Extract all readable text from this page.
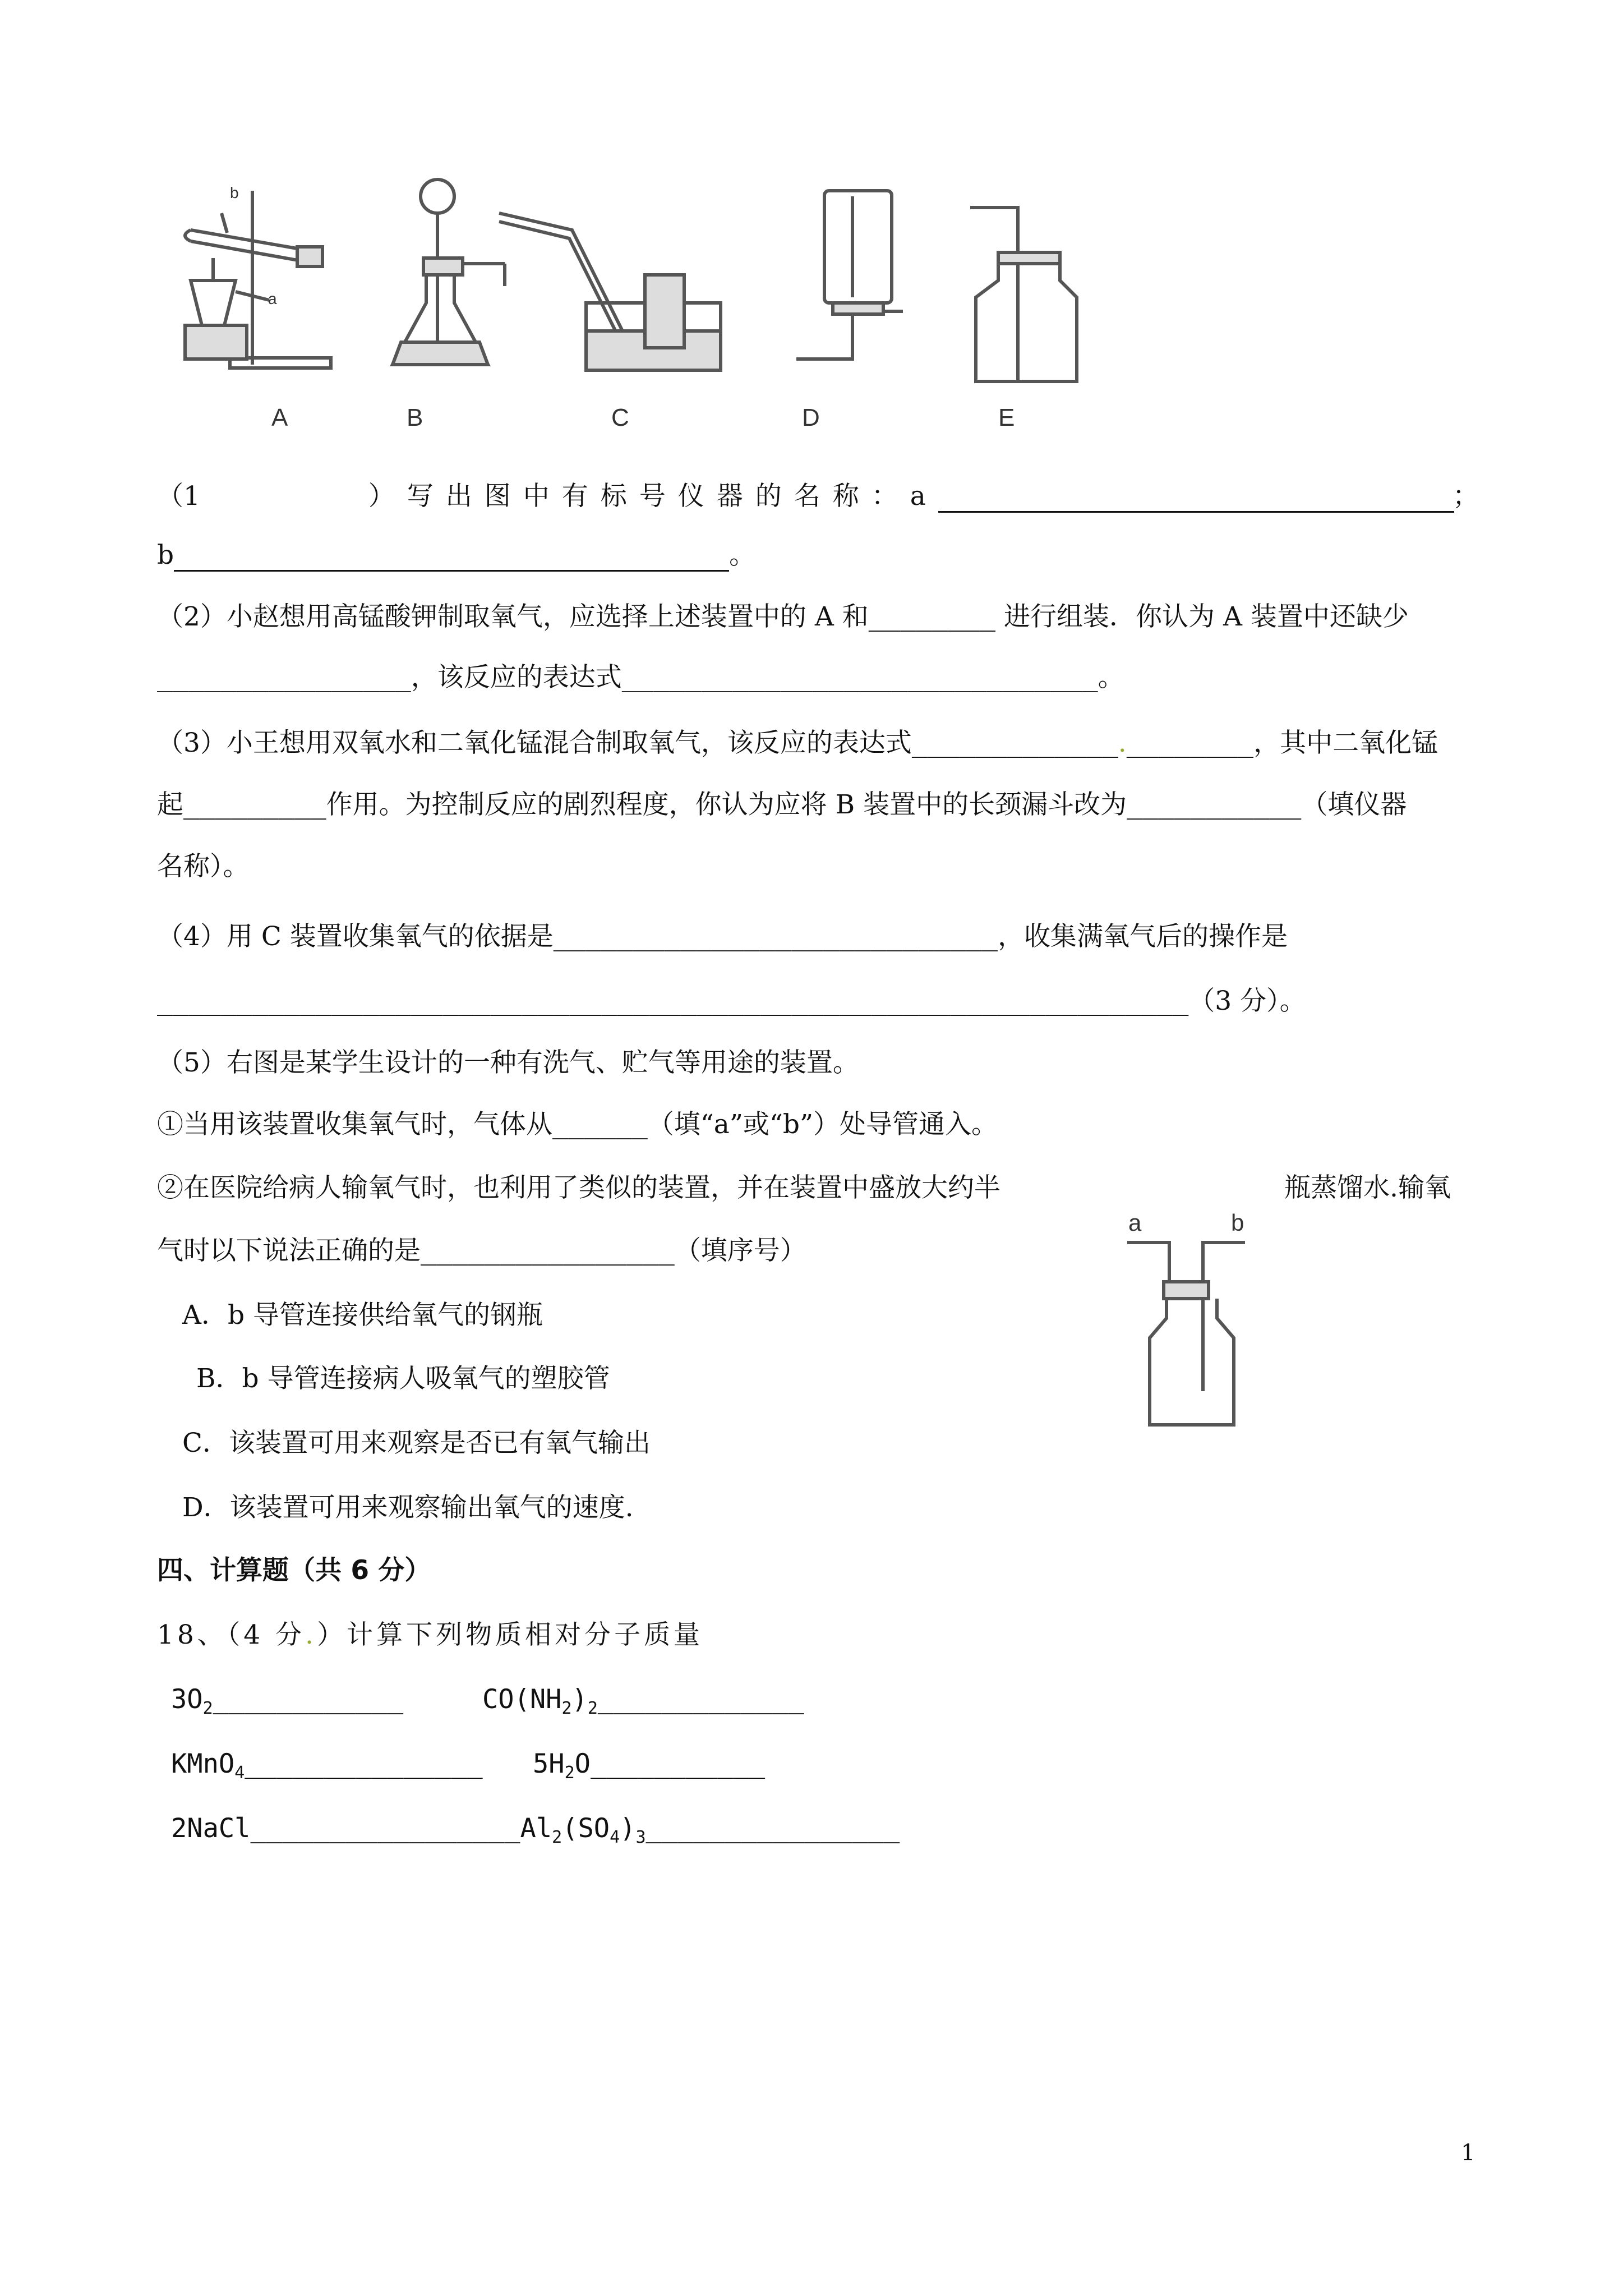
b
a
A	B	C	D	E
（1	）写出图中有标号仪器的名称：a	；
b	。
（2）小赵想用高锰酸钾制取氧气，应选择上述装置中的 A 和________ 进行组装．你认为 A 装置中还缺少
________________，该反应的表达式______________________________。
（3）小王想用双氧水和二氧化锰混合制取氧气，该反应的表达式_____________.________，其中二氧化锰
起_________作用。为控制反应的剧烈程度，你认为应将 B 装置中的长颈漏斗改为___________（填仪器
名称）。
（4）用 C 装置收集氧气的依据是____________________________，收集满氧气后的操作是
_________________________________________________________________（3 分）。
（5）右图是某学生设计的一种有洗气、贮气等用途的装置。
①当用该装置收集氧气时，气体从______（填“a”或“b”）处导管通入。
②在医院给病人输氧气时，也利用了类似的装置，并在装置中盛放大约半	瓶蒸馏水.输氧
气时以下说法正确的是________________（填序号）
A．b 导管连接供给氧气的钢瓶
B．b 导管连接病人吸氧气的塑胶管
C．该装置可用来观察是否已有氧气输出
D．该装置可用来观察输出氧气的速度.
a	b
四、计算题（共 6 分）
18、（4 分.）计算下列物质相对分子质量
$3O_2\_\_\_\_\_\_\_\_\_\_\_\_$	$CO(NH_2)_2\_\_\_\_\_\_\_\_\_\_\_\_\_$
KMnO$_4$_______________ $5H_2O\_\_\_\_\_\_\_\_\_\_\_$
$2NaCl\_\_\_\_\_\_\_\_\_\_\_\_\_\_\_\_\_Al_2(SO_4)_3\_\_\_\_\_\_\_\_\_\_\_\_\_\_\_\_$
1
